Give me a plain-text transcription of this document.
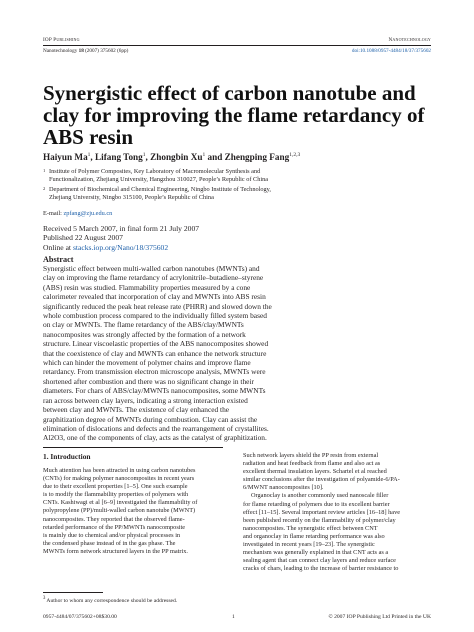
IOP Publishing	Nanotechnology
Nanotechnology 18 (2007) 375602 (6pp)	doi:10.1088/0957-4484/18/37/375602
Synergistic effect of carbon nanotube and clay for improving the flame retardancy of ABS resin
Haiyun Ma$^1$, Lifang Tong$^1$, Zhongbin Xu$^1$ and Zhengping Fang$^{1,2,3}$
1 Institute of Polymer Composites, Key Laboratory of Macromolecular Synthesis and
Functionalization, Zhejiang University, Hangzhou 310027, People’s Republic of China
2 Department of Biochemical and Chemical Engineering, Ningbo Institute of Technology,
Zhejiang University, Ningbo 315100, People’s Republic of China
E-mail: zpfang@zju.edu.cn
Received 5 March 2007, in final form 21 July 2007
Published 22 August 2007
Online at stacks.iop.org/Nano/18/375602
Abstract
Synergistic effect between multi-walled carbon nanotubes (MWNTs) and
clay on improving the flame retardancy of acrylonitrile–butadiene–styrene
(ABS) resin was studied. Flammability properties measured by a cone
calorimeter revealed that incorporation of clay and MWNTs into ABS resin
significantly reduced the peak heat release rate (PHRR) and slowed down the
whole combustion process compared to the individually filled system based
on clay or MWNTs. The flame retardancy of the ABS/clay/MWNTs
nanocomposites was strongly affected by the formation of a network
structure. Linear viscoelastic properties of the ABS nanocomposites showed
that the coexistence of clay and MWNTs can enhance the network structure
which can hinder the movement of polymer chains and improve flame
retardancy. From transmission electron microscope analysis, MWNTs were
shortened after combustion and there was no significant change in their
diameters. For chars of ABS/clay/MWNTs nanocomposites, some MWNTs
ran across between clay layers, indicating a strong interaction existed
between clay and MWNTs. The existence of clay enhanced the
graphitization degree of MWNTs during combustion. Clay can assist the
elimination of dislocations and defects and the rearrangement of crystallites.
Al2O3, one of the components of clay, acts as the catalyst of graphitization.
1. Introduction
Much attention has been attracted in using carbon nanotubes
(CNTs) for making polymer nanocomposites in recent years
due to their excellent properties [1–5]. One such example
is to modify the flammability properties of polymers with
CNTs. Kashiwagi et al [6–9] investigated the flammability of
polypropylene (PP)/multi-walled carbon nanotube (MWNT)
nanocomposites. They reported that the observed flame-
retarded performance of the PP/MWNTs nanocomposite
is mainly due to chemical and/or physical processes in
the condensed phase instead of in the gas phase. The
MWNTs form network structured layers in the PP matrix.
Such network layers shield the PP resin from external
radiation and heat feedback from flame and also act as
excellent thermal insulation layers. Schartel et al reached
similar conclusions after the investigation of polyamide-6/PA-
6/MWNT nanocomposites [10].
Organoclay is another commonly used nanoscale filler
for flame retarding of polymers due to its excellent barrier
effect [11–15]. Several important review articles [16–18] have
been published recently on the flammability of polymer/clay
nanocomposites. The synergistic effect between CNT
and organoclay in flame retarding performance was also
investigated in recent years [19–23]. The synergistic
mechanism was generally explained in that CNT acts as a
sealing agent that can connect clay layers and reduce surface
cracks of chars, leading to the increase of barrier resistance to
$^3$ Author to whom any correspondence should be addressed.
0957-4484/07/375602+08$30.00	1	© 2007 IOP Publishing Ltd Printed in the UK
